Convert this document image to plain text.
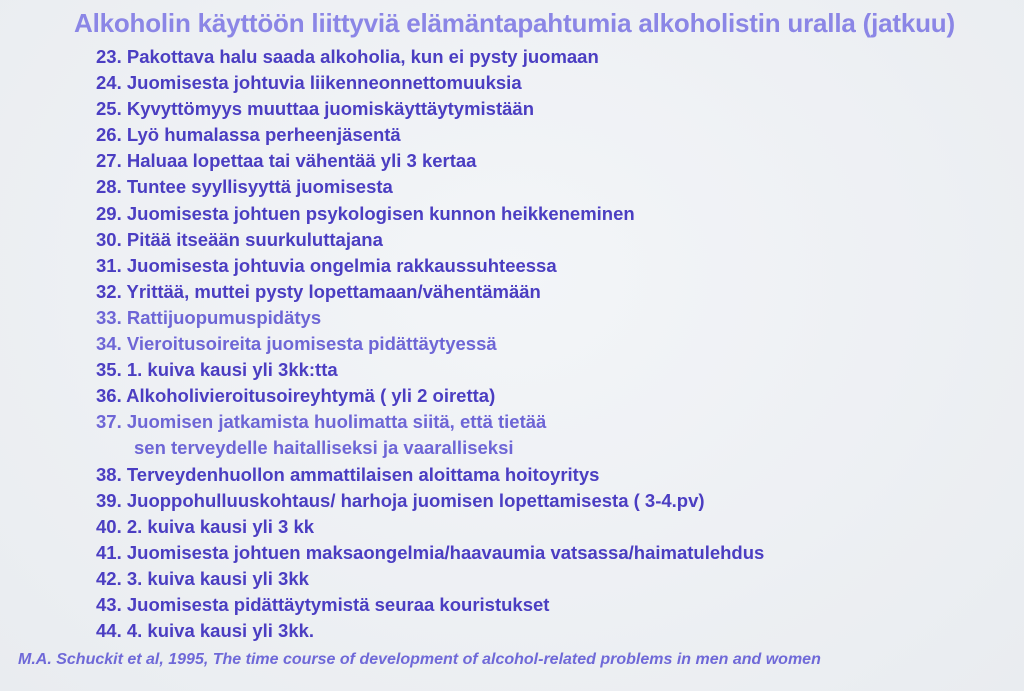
Alkoholin käyttöön liittyviä elämäntapahtumia alkoholistin uralla (jatkuu)
23. Pakottava halu saada alkoholia, kun ei pysty juomaan
24. Juomisesta johtuvia liikenneonnettomuuksia
25. Kyvyttömyys muuttaa juomiskäyttäytymistään
26. Lyö humalassa perheenjäsentä
27. Haluaa lopettaa tai vähentää yli 3 kertaa
28. Tuntee syyllisyyttä juomisesta
29. Juomisesta johtuen psykologisen kunnon heikkeneminen
30. Pitää itseään suurkuluttajana
31. Juomisesta johtuvia ongelmia rakkaussuhteessa
32. Yrittää, muttei pysty lopettamaan/vähentämään
33. Rattijuopumuspidätys
34. Vieroitusoireita juomisesta pidättäytyessä
35. 1. kuiva kausi yli 3kk:tta
36. Alkoholivieroitusoireyhtymä ( yli 2 oiretta)
37. Juomisen jatkamista huolimatta siitä, että tietää
sen terveydelle haitalliseksi ja vaaralliseksi
38. Terveydenhuollon ammattilaisen aloittama hoitoyritys
39. Juoppohulluuskohtaus/ harhoja juomisen lopettamisesta ( 3-4.pv)
40. 2. kuiva kausi yli 3 kk
41. Juomisesta johtuen maksaongelmia/haavaumia vatsassa/haimatulehdus
42. 3. kuiva kausi yli 3kk
43. Juomisesta pidättäytymistä seuraa kouristukset
44. 4. kuiva kausi yli 3kk.
M.A. Schuckit et al, 1995, The time course of development of alcohol-related problems in men and women
